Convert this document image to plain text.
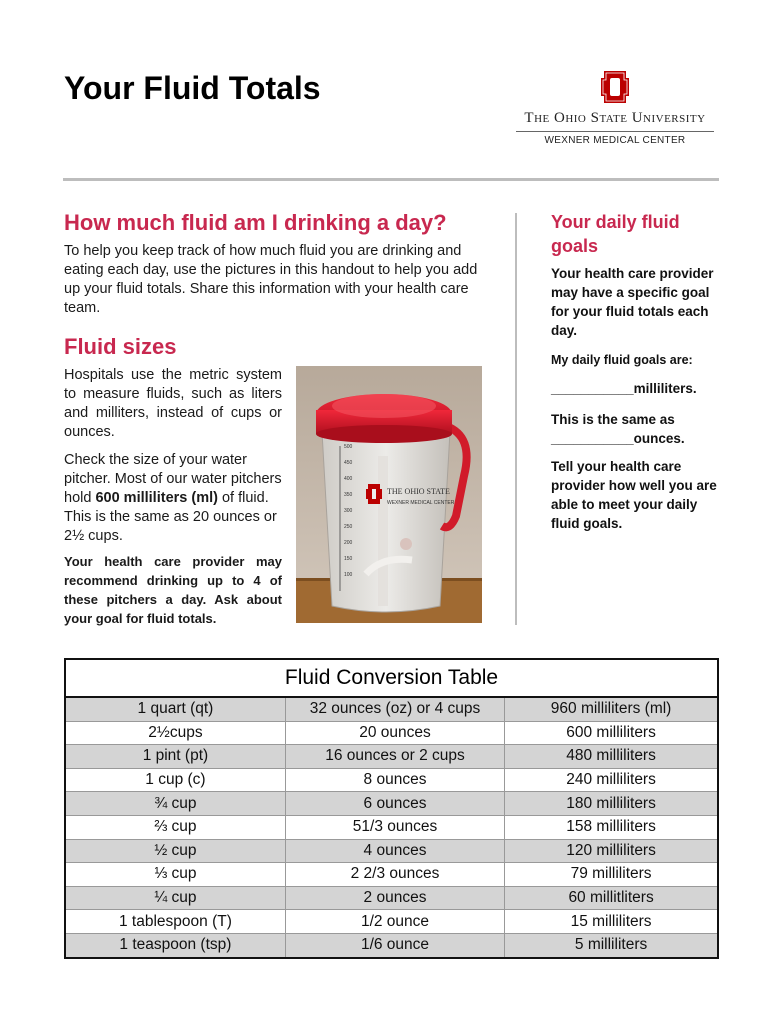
Your Fluid Totals
The Ohio State University
WEXNER MEDICAL CENTER
How much fluid am I drinking a day?
To help you keep track of how much fluid you are drinking and eating each day, use the pictures in this handout to help you add up your fluid totals. Share this information with your health care team.
Fluid sizes
Hospitals use the metric system to measure fluids, such as liters and milliters, instead of cups or ounces.
Check the size of your water pitcher. Most of our water pitchers hold 600 milliliters (ml) of fluid. This is the same as 20 ounces or 2½ cups.
Your health care provider may recommend drinking up to 4 of these pitchers a day. Ask about your goal for fluid totals.
500
450
400
350
300
250
200
150
100
THE OHIO STATE
WEXNER MEDICAL CENTER
Your daily fluid goals
Your health care provider may have a specific goal for your fluid totals each day.
My daily fluid goals are:
___________milliliters.
This is the same as
___________ounces.
Tell your health care provider how well you are able to meet your daily fluid goals.
Fluid Conversion Table		
1 quart (qt)	32 ounces (oz) or 4 cups	960 milliliters (ml)
2½cups	20 ounces	600 milliliters
1 pint (pt)	16 ounces or 2 cups	480 milliliters
1 cup (c)	8 ounces	240 milliliters
¾ cup	6 ounces	180 milliliters
⅔ cup	51/3 ounces	158 milliliters
½ cup	4 ounces	120 milliliters
⅓ cup	2 2/3 ounces	79 milliliters
¼ cup	2 ounces	60 millitliters
1 tablespoon (T)	1/2 ounce	15 milliliters
1 teaspoon (tsp)	1/6 ounce	5 milliliters
